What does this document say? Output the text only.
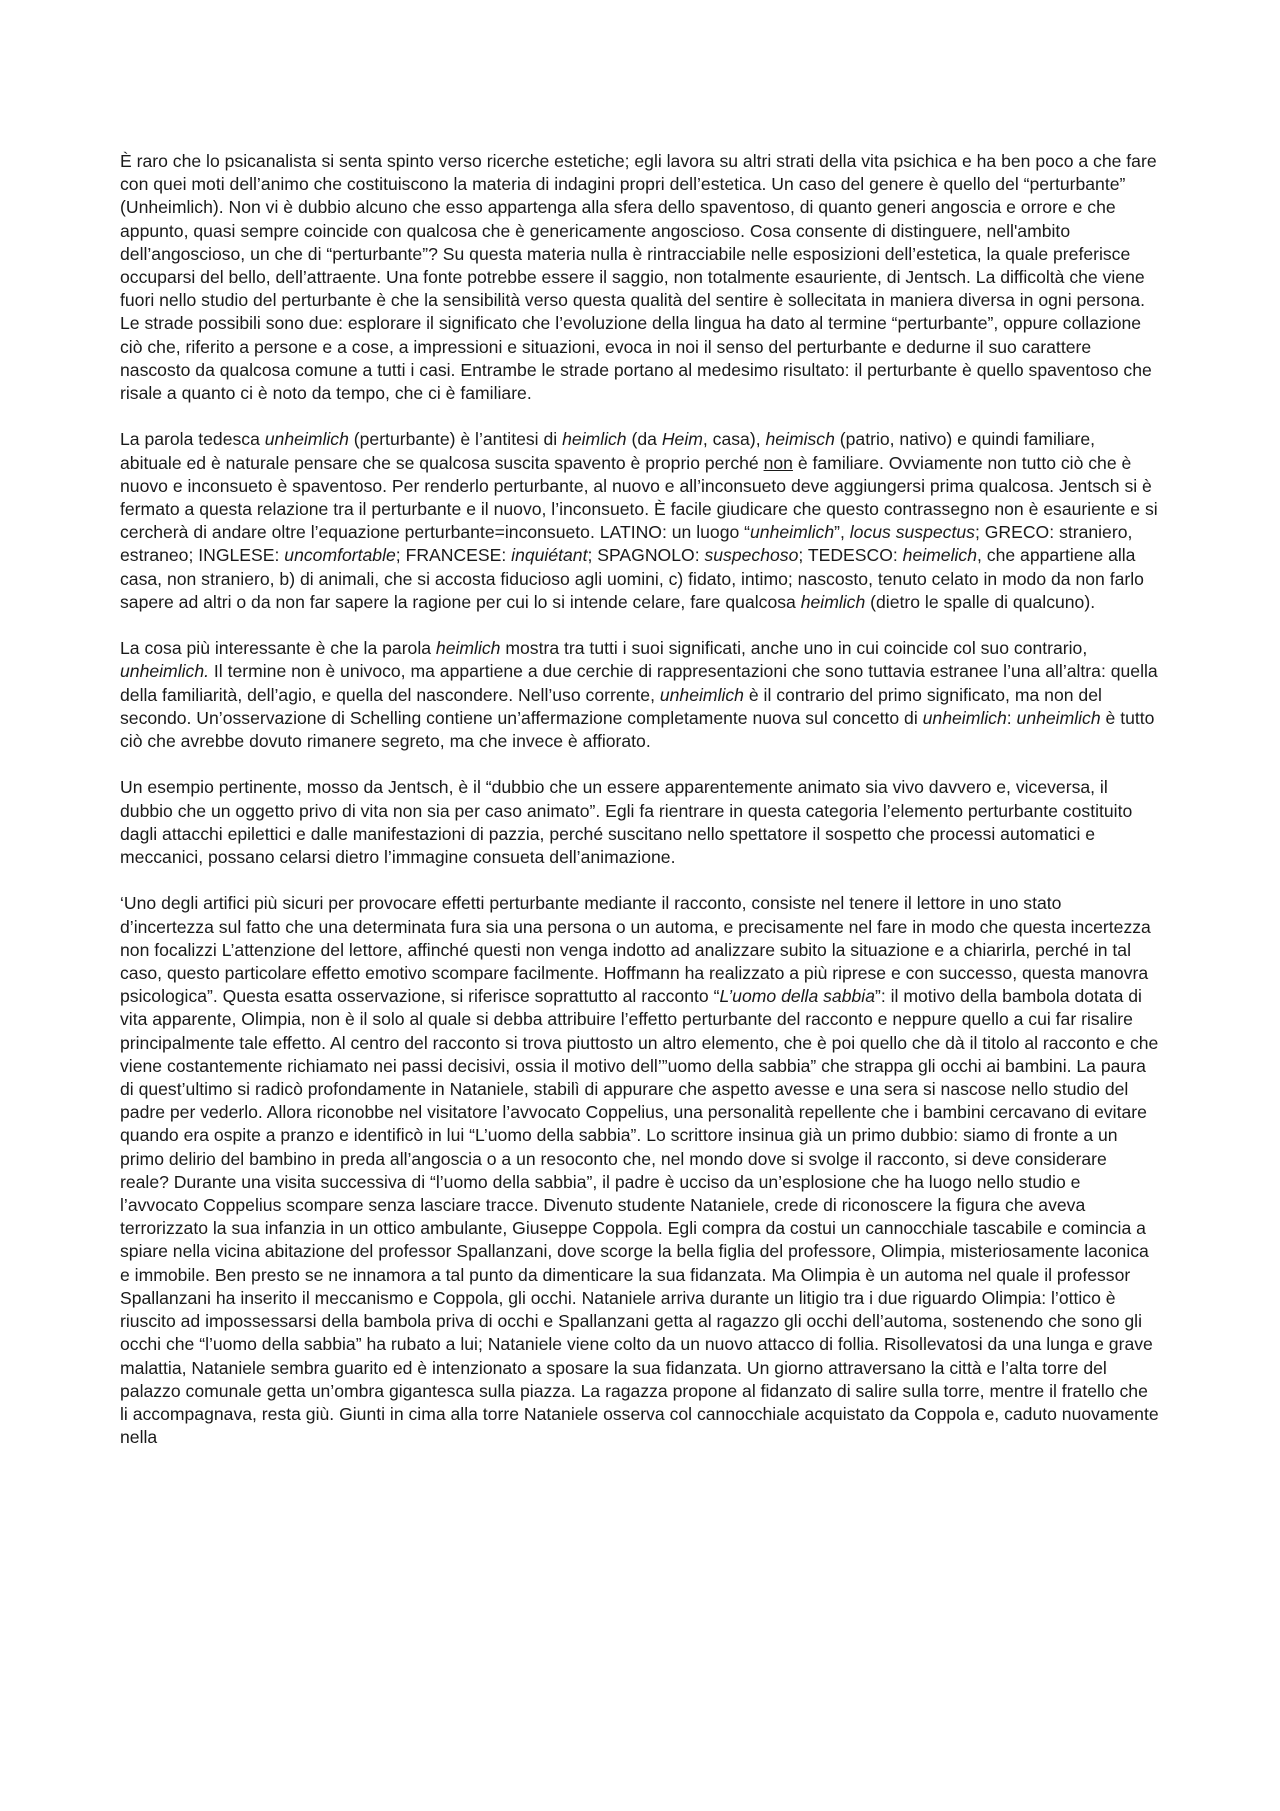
È raro che lo psicanalista si senta spinto verso ricerche estetiche; egli lavora su altri strati della vita psichica e ha ben poco a che fare con quei moti dell’animo che costituiscono la materia di indagini propri dell’estetica. Un caso del genere è quello del “perturbante” (Unheimlich). Non vi è dubbio alcuno che esso appartenga alla sfera dello spaventoso, di quanto generi angoscia e orrore e che appunto, quasi sempre coincide con qualcosa che è genericamente angoscioso. Cosa consente di distinguere, nell'ambito dell’angoscioso, un che di “perturbante”? Su questa materia nulla è rintracciabile nelle esposizioni dell’estetica, la quale preferisce occuparsi del bello, dell’attraente. Una fonte potrebbe essere il saggio, non totalmente esauriente, di Jentsch. La difficoltà che viene fuori nello studio del perturbante è che la sensibilità verso questa qualità del sentire è sollecitata in maniera diversa in ogni persona. Le strade possibili sono due: esplorare il significato che l’evoluzione della lingua ha dato al termine “perturbante”, oppure collazione ciò che, riferito a persone e a cose, a impressioni e situazioni, evoca in noi il senso del perturbante e dedurne il suo carattere nascosto da qualcosa comune a tutti i casi. Entrambe le strade portano al medesimo risultato: il perturbante è quello spaventoso che risale a quanto ci è noto da tempo, che ci è familiare.

La parola tedesca unheimlich (perturbante) è l’antitesi di heimlich (da Heim, casa), heimisch (patrio, nativo) e quindi familiare, abituale ed è naturale pensare che se qualcosa suscita spavento è proprio perché non è familiare. Ovviamente non tutto ciò che è nuovo e inconsueto è spaventoso. Per renderlo perturbante, al nuovo e all’inconsueto deve aggiungersi prima qualcosa. Jentsch si è fermato a questa relazione tra il perturbante e il nuovo, l’inconsueto. È facile giudicare che questo contrassegno non è esauriente e si cercherà di andare oltre l’equazione perturbante=inconsueto. LATINO: un luogo “unheimlich”, locus suspectus; GRECO: straniero, estraneo; INGLESE: uncomfortable; FRANCESE: inquiétant; SPAGNOLO: suspechoso; TEDESCO: heimelich, che appartiene alla casa, non straniero, b) di animali, che si accosta fiducioso agli uomini, c) fidato, intimo; nascosto, tenuto celato in modo da non farlo sapere ad altri o da non far sapere la ragione per cui lo si intende celare, fare qualcosa heimlich (dietro le spalle di qualcuno).

La cosa più interessante è che la parola heimlich mostra tra tutti i suoi significati, anche uno in cui coincide col suo contrario, unheimlich. Il termine non è univoco, ma appartiene a due cerchie di rappresentazioni che sono tuttavia estranee l’una all’altra: quella della familiarità, dell’agio, e quella del nascondere. Nell’uso corrente, unheimlich è il contrario del primo significato, ma non del secondo. Un’osservazione di Schelling contiene un’affermazione completamente nuova sul concetto di unheimlich: unheimlich è tutto ciò che avrebbe dovuto rimanere segreto, ma che invece è affiorato.

Un esempio pertinente, mosso da Jentsch, è il “dubbio che un essere apparentemente animato sia vivo davvero e, viceversa, il dubbio che un oggetto privo di vita non sia per caso animato”. Egli fa rientrare in questa categoria l’elemento perturbante costituito dagli attacchi epilettici e dalle manifestazioni di pazzia, perché suscitano nello spettatore il sospetto che processi automatici e meccanici, possano celarsi dietro l’immagine consueta dell’animazione.

‘Uno degli artifici più sicuri per provocare effetti perturbante mediante il racconto, consiste nel tenere il lettore in uno stato d’incertezza sul fatto che una determinata fura sia una persona o un automa, e precisamente nel fare in modo che questa incertezza non focalizzi L’attenzione del lettore, affinché questi non venga indotto ad analizzare subito la situazione e a chiarirla, perché in tal caso, questo particolare effetto emotivo scompare facilmente. Hoffmann ha realizzato a più riprese e con successo, questa manovra psicologica”. Questa esatta osservazione, si riferisce soprattutto al racconto “L’uomo della sabbia”: il motivo della bambola dotata di vita apparente, Olimpia, non è il solo al quale si debba attribuire l’effetto perturbante del racconto e neppure quello a cui far risalire principalmente tale effetto. Al centro del racconto si trova piuttosto un altro elemento, che è poi quello che dà il titolo al racconto e che viene costantemente richiamato nei passi decisivi, ossia il motivo dell’”uomo della sabbia” che strappa gli occhi ai bambini. La paura di quest’ultimo si radicò profondamente in Nataniele, stabilì di appurare che aspetto avesse e una sera si nascose nello studio del padre per vederlo. Allora riconobbe nel visitatore l’avvocato Coppelius, una personalità repellente che i bambini cercavano di evitare quando era ospite a pranzo e identificò in lui “L’uomo della sabbia”. Lo scrittore insinua già un primo dubbio: siamo di fronte a un primo delirio del bambino in preda all’angoscia o a un resoconto che, nel mondo dove si svolge il racconto, si deve considerare reale? Durante una visita successiva di “l’uomo della sabbia”, il padre è ucciso da un’esplosione che ha luogo nello studio e l’avvocato Coppelius scompare senza lasciare tracce. Divenuto studente Nataniele, crede di riconoscere la figura che aveva terrorizzato la sua infanzia in un ottico ambulante, Giuseppe Coppola. Egli compra da costui un cannocchiale tascabile e comincia a spiare nella vicina abitazione del professor Spallanzani, dove scorge la bella figlia del professore, Olimpia, misteriosamente laconica e immobile. Ben presto se ne innamora a tal punto da dimenticare la sua fidanzata. Ma Olimpia è un automa nel quale il professor Spallanzani ha inserito il meccanismo e Coppola, gli occhi. Nataniele arriva durante un litigio tra i due riguardo Olimpia: l’ottico è riuscito ad impossessarsi della bambola priva di occhi e Spallanzani getta al ragazzo gli occhi dell’automa, sostenendo che sono gli occhi che “l’uomo della sabbia” ha rubato a lui; Nataniele viene colto da un nuovo attacco di follia. Risollevatosi da una lunga e grave malattia, Nataniele sembra guarito ed è intenzionato a sposare la sua fidanzata. Un giorno attraversano la città e l’alta torre del palazzo comunale getta un’ombra gigantesca sulla piazza. La ragazza propone al fidanzato di salire sulla torre, mentre il fratello che li accompagnava, resta giù. Giunti in cima alla torre Nataniele osserva col cannocchiale acquistato da Coppola e, caduto nuovamente nella
